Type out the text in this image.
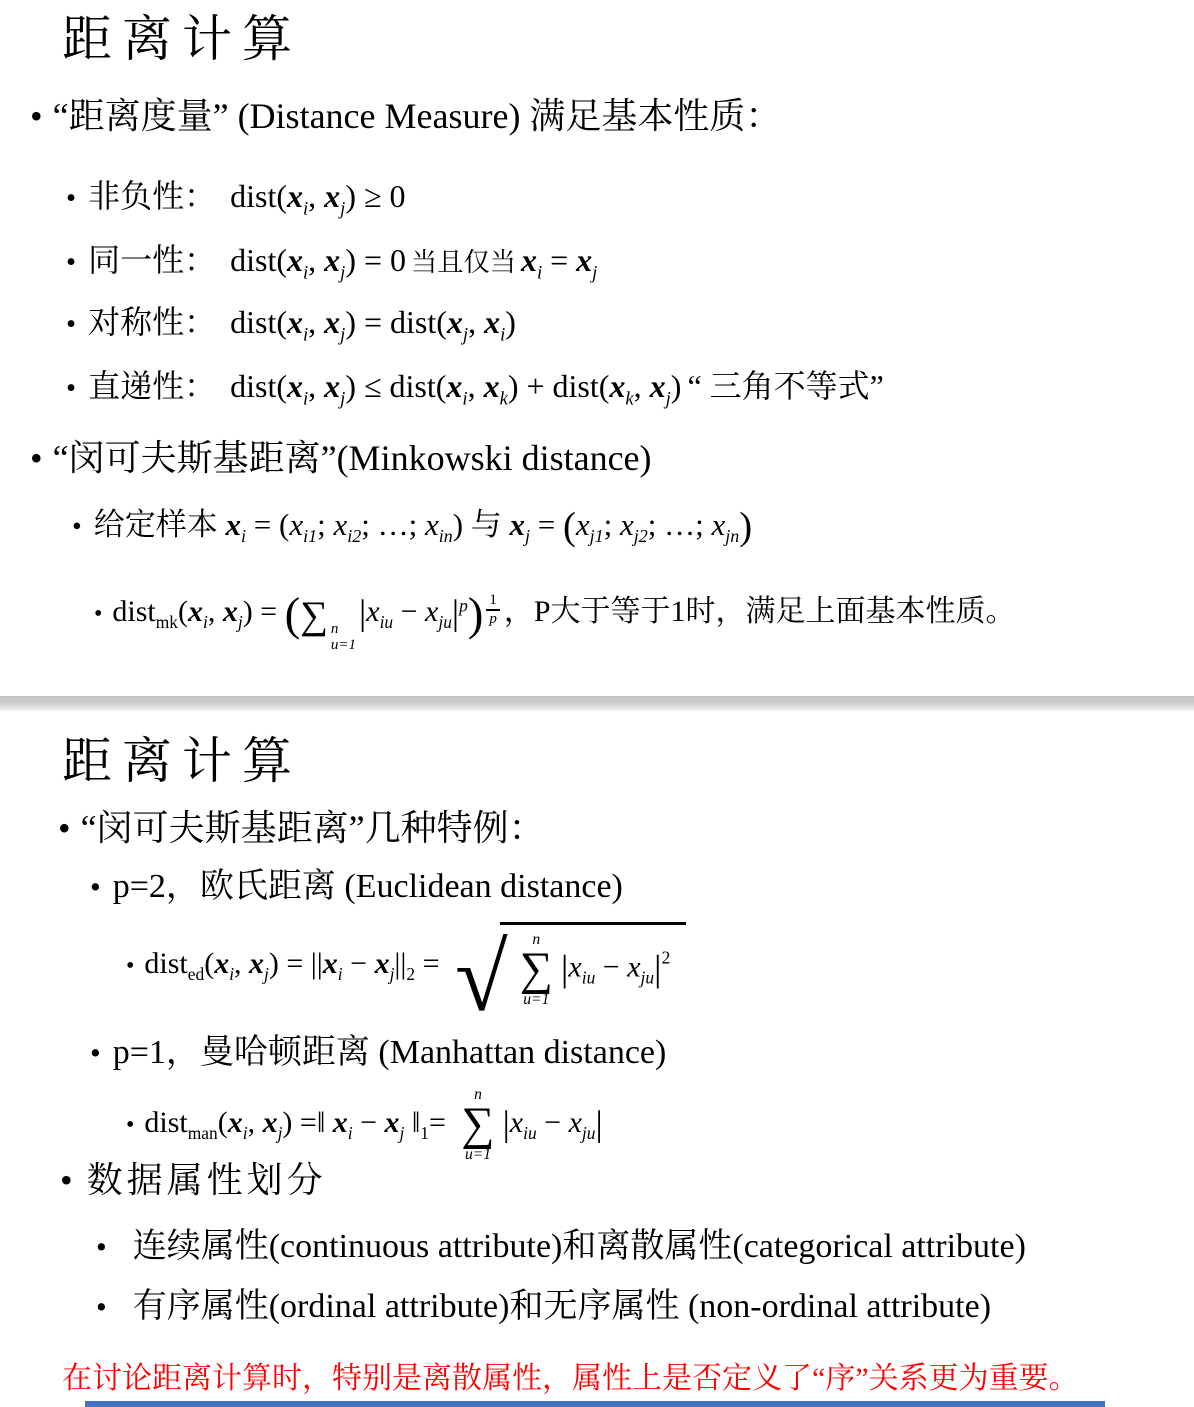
距离计算
•“距离度量” (Distance Measure) 满足基本性质：
•非负性： $dist(x_i$, $x_j) \ge 0$
•同一性： $dist(x_i$, $x_j) = 0$ 当且仅当 $x_i = x_j$
•对称性： $dist(x_i$, $x_j$) = $dist(x_j$, $x_i$)
•直递性： $dist(x_i$, $x_j$) ≤ $dist(x_i$, $x_k$) + $dist(x_k$, $x_j$) “ 三角不等式”
•“闵可夫斯基距离”(Minkowski distance)
•给定样本 $x_i = (x_{i1}$; $x_{i2}$; …; $x_{in}$) 与 $x_j = (x_{j1}$; $x_{j2}$; …; $x_{jn}$)
$•dist_{mk}(x_i$, $x_j$) = (∑ n
u=1
$|x_{iu} - x_{ju}|^p) \frac{1}{p}$ ，P大于等于1时，满足上面基本性质。
距离计算
•“闵可夫斯基距离”几种特例：
•p=2，欧氏距离 (Euclidean distance)
$•dist_{ed}(x_i$, $x_j) = ||x_i - x_j||_2$ = √ n
∑
u=1
$|x_{iu} - x_{ju}|^2$
•p=1，曼哈顿距离 (Manhattan distance)
$•dist_{man}(x_i$, $x_j$) =‖ $x_i - x_j$ $‖_1=$
n
∑
u=1
$|x_{iu} - x_{ju}|$
•数据属性划分
•连续属性(continuous attribute)和离散属性(categorical attribute)
•有序属性(ordinal attribute)和无序属性 (non-ordinal attribute)
在讨论距离计算时，特别是离散属性，属性上是否定义了“序”关系更为重要。
